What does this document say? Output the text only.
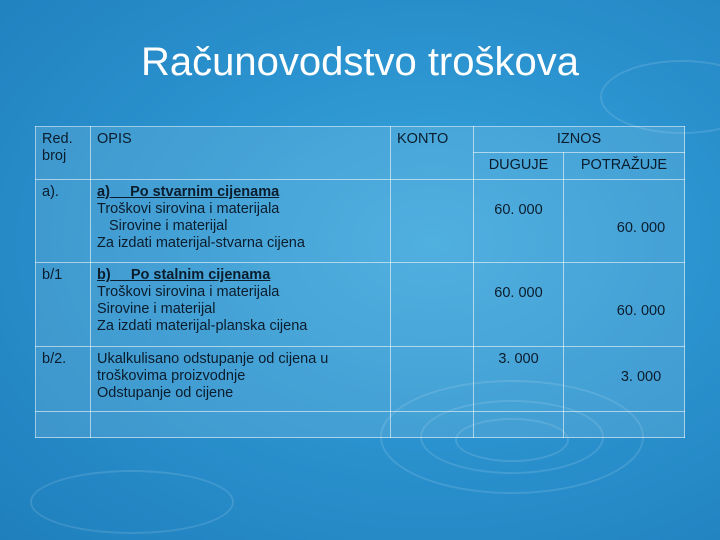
Računovodstvo troškova
Red. broj	OPIS	KONTO	IZNOS	

			DUGUJE	POTRAŽUJE

a).	a) Po stvarnim cijenama
Troškovi sirovina i materijala
Sirovine i materijal
Za izdati materijal-stvarna cijena		60. 000	60. 000

b/1	b) Po stalnim cijenama
Troškovi sirovina i materijala
Sirovine i materijal
Za izdati materijal-planska cijena		60. 000	60. 000

b/2.	Ukalkulisano odstupanje od cijena u troškovima proizvodnje
Odstupanje od cijene		3. 000	3. 000
